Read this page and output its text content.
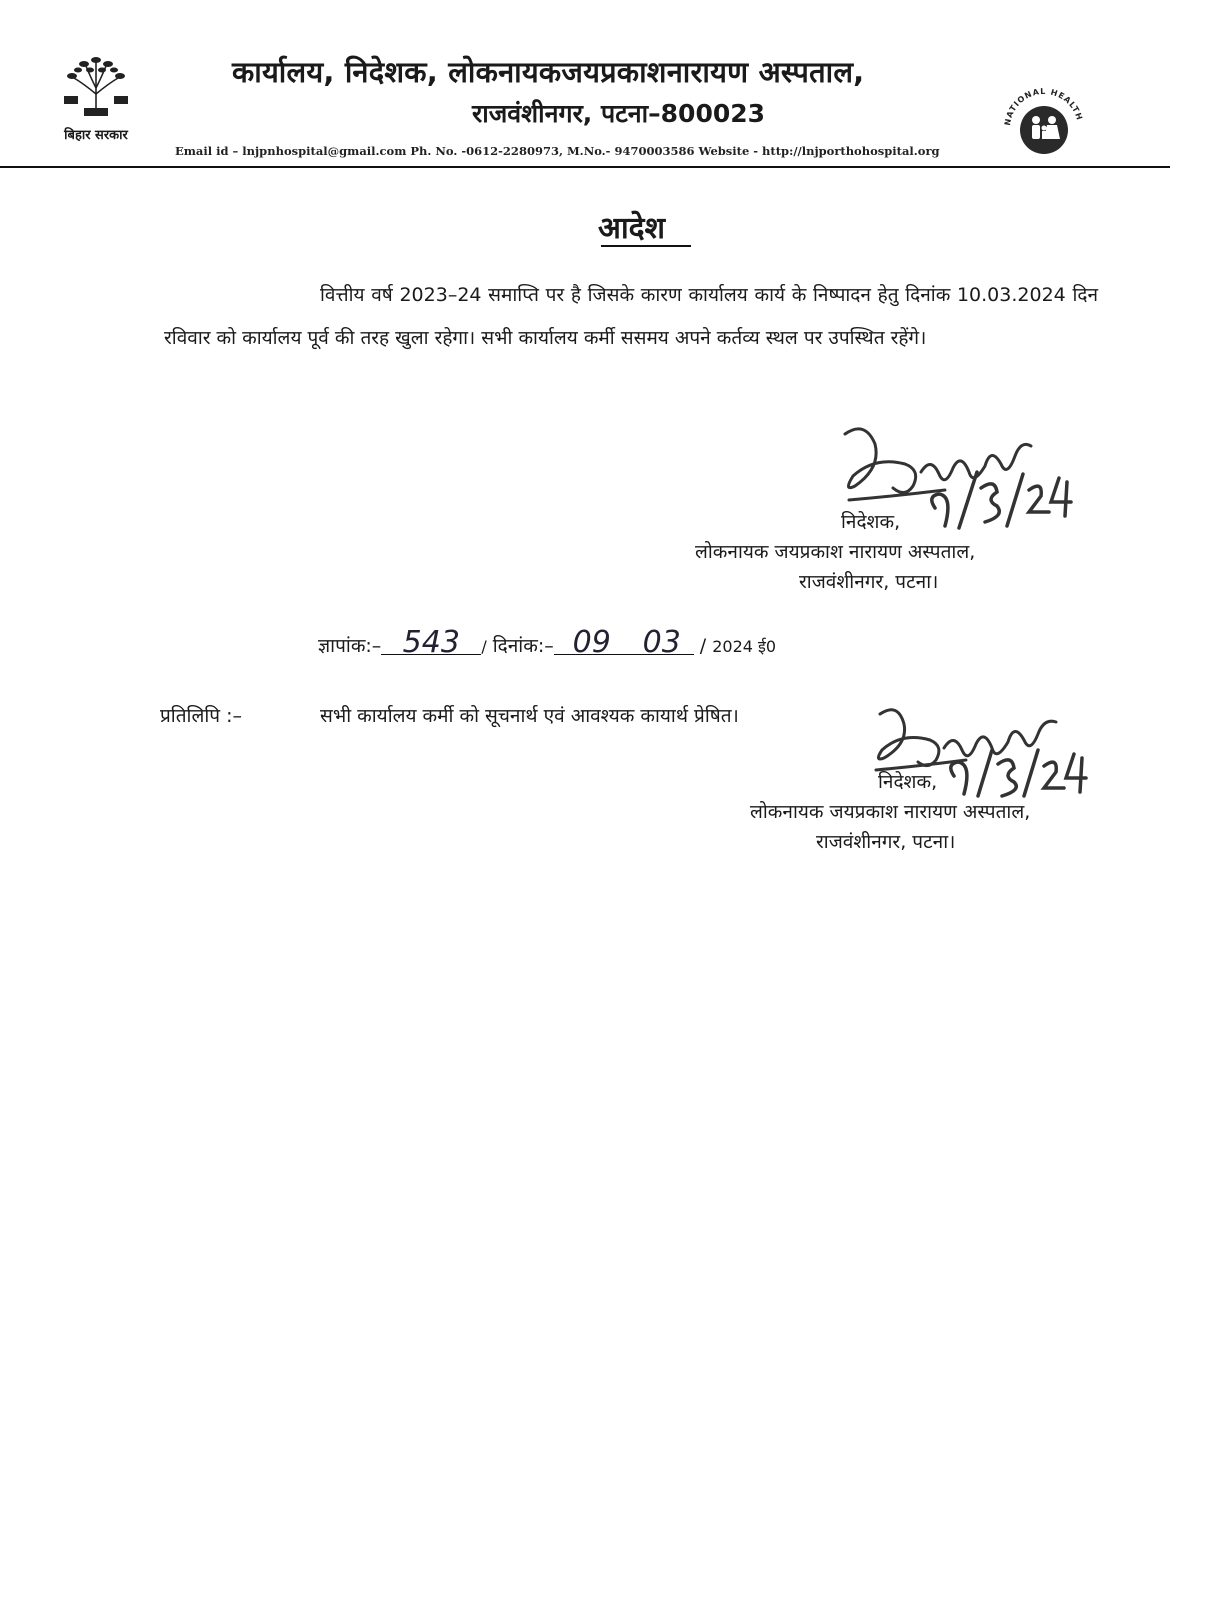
बिहार सरकार
कार्यालय, निदेशक, लोकनायकजयप्रकाशनारायण अस्पताल,
राजवंशीनगर, पटना–800023
Email id – lnjpnhospital@gmail.com Ph. No. -0612-2280973, M.No.- 9470003586 Website - http://lnjporthohospital.org
NATIONAL HEALTH
आदेश

वित्तीय वर्ष 2023–24 समाप्ति पर है जिसके कारण कार्यालय कार्य के निष्पादन हेतु दिनांक 10.03.2024 दिन रविवार को कार्यालय पूर्व की तरह खुला रहेगा। सभी कार्यालय कर्मी ससमय अपने कर्तव्य स्थल पर उपस्थित रहेंगे।

निदेशक,
लोकनायक जयप्रकाश नारायण अस्पताल,
राजवंशीनगर, पटना।
ज्ञापांक:– 543 / दिनांक:– 09 03 / 2024 ई0
प्रतिलिपि :–	सभी कार्यालय कर्मी को सूचनार्थ एवं आवश्यक कायार्थ प्रेषित।
निदेशक,
लोकनायक जयप्रकाश नारायण अस्पताल,
राजवंशीनगर, पटना।
